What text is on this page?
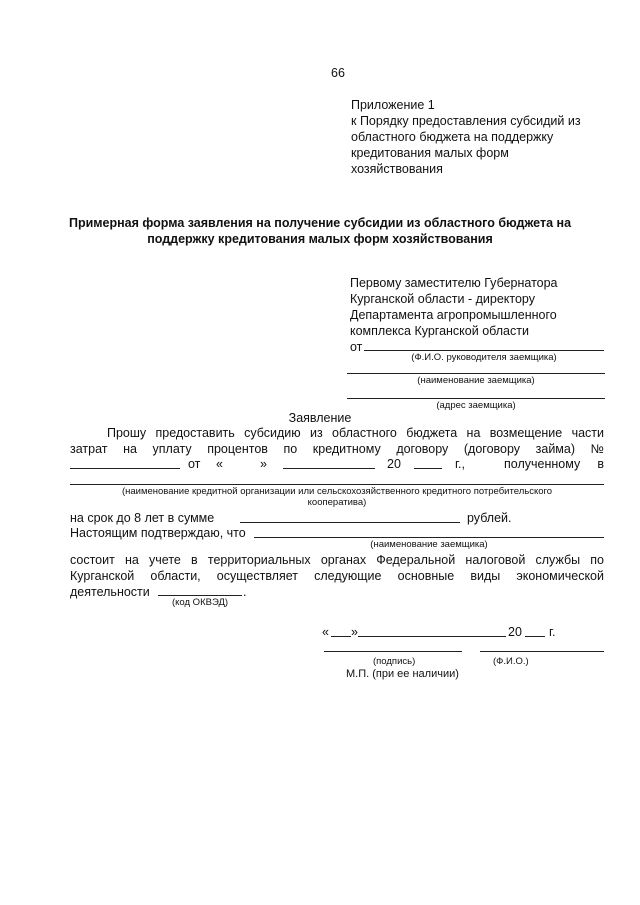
66
Приложение 1
к Порядку предоставления субсидий из
областного бюджета на поддержку
кредитования малых форм
хозяйствования
Примерная форма заявления на получение субсидии из областного бюджета на
поддержку кредитования малых форм хозяйствования
Первому заместителю Губернатора
Курганской области - директору
Департамента агропромышленного
комплекса Курганской области
от
(Ф.И.О. руководителя заемщика)
(наименование заемщика)
(адрес заемщика)
Заявление
Прошу предоставить субсидию из областного бюджета на возмещение части
затрат на уплату процентов по кредитному договору (договору займа) №
от «	»	20	г.,	полученному в
(наименование кредитной организации или сельскохозяйственного кредитного потребительского
кооператива)
на срок до 8 лет в сумме	рублей.
Настоящим подтверждаю, что
(наименование заемщика)
состоит на учете в территориальных органах Федеральной налоговой службы по
Курганской области, осуществляет следующие основные виды экономической
деятельности	.
(код ОКВЭД)
« »	20 г.
(подпись)	(Ф.И.О.)
М.П. (при ее наличии)
